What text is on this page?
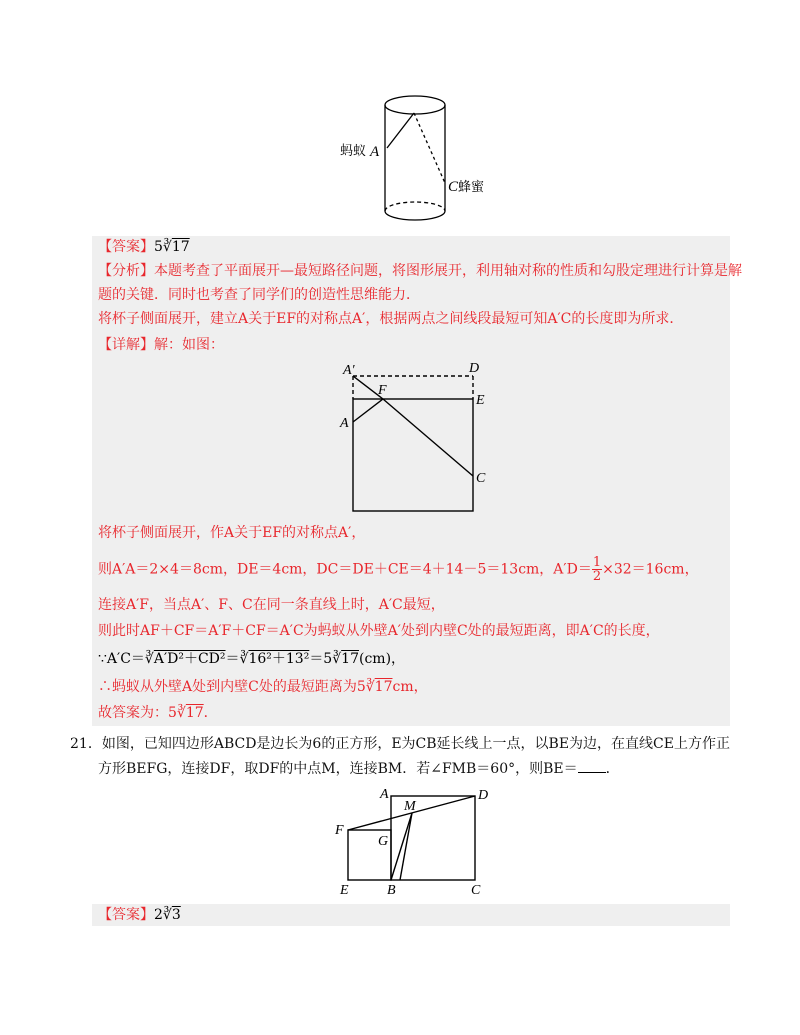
蚂蚁 A
C 蜂蜜
【答案】5∛17
【分析】本题考查了平面展开—最短路径问题，将图形展开，利用轴对称的性质和勾股定理进行计算是解
题的关键．同时也考查了同学们的创造性思维能力．
将杯子侧面展开，建立A关于EF的对称点A′，根据两点之间线段最短可知A′C的长度即为所求．
【详解】解：如图：
A′	D
F
E
A
C
将杯子侧面展开，作A关于EF的对称点A′，
则A′A＝2×4＝8cm，DE＝4cm，DC＝DE＋CE＝4＋14－5＝13cm，$A'D= \frac{1}{2} \times 32=16cm$，
连接A′F，当点A′、F、C在同一条直线上时，A′C最短，
则此时AF＋CF＝A′F＋CF＝A′C为蚂蚁从外壁A′处到内壁C处的最短距离，即A′C的长度，
∵A′C＝∛A′D²＋CD²＝∛16²＋13²＝5∛17(cm)，
∴蚂蚁从外壁A处到内壁C处的最短距离为5∛17cm，
故答案为：5∛17．
21．如图，已知四边形ABCD是边长为6的正方形，E为CB延长线上一点，以BE为边，在直线CE上方作正
方形BEFG，连接DF，取DF的中点M，连接BM．若∠FMB＝60°，则BE＝ ．
A
M
D
F
G
E	B	C
【答案】2∛3
